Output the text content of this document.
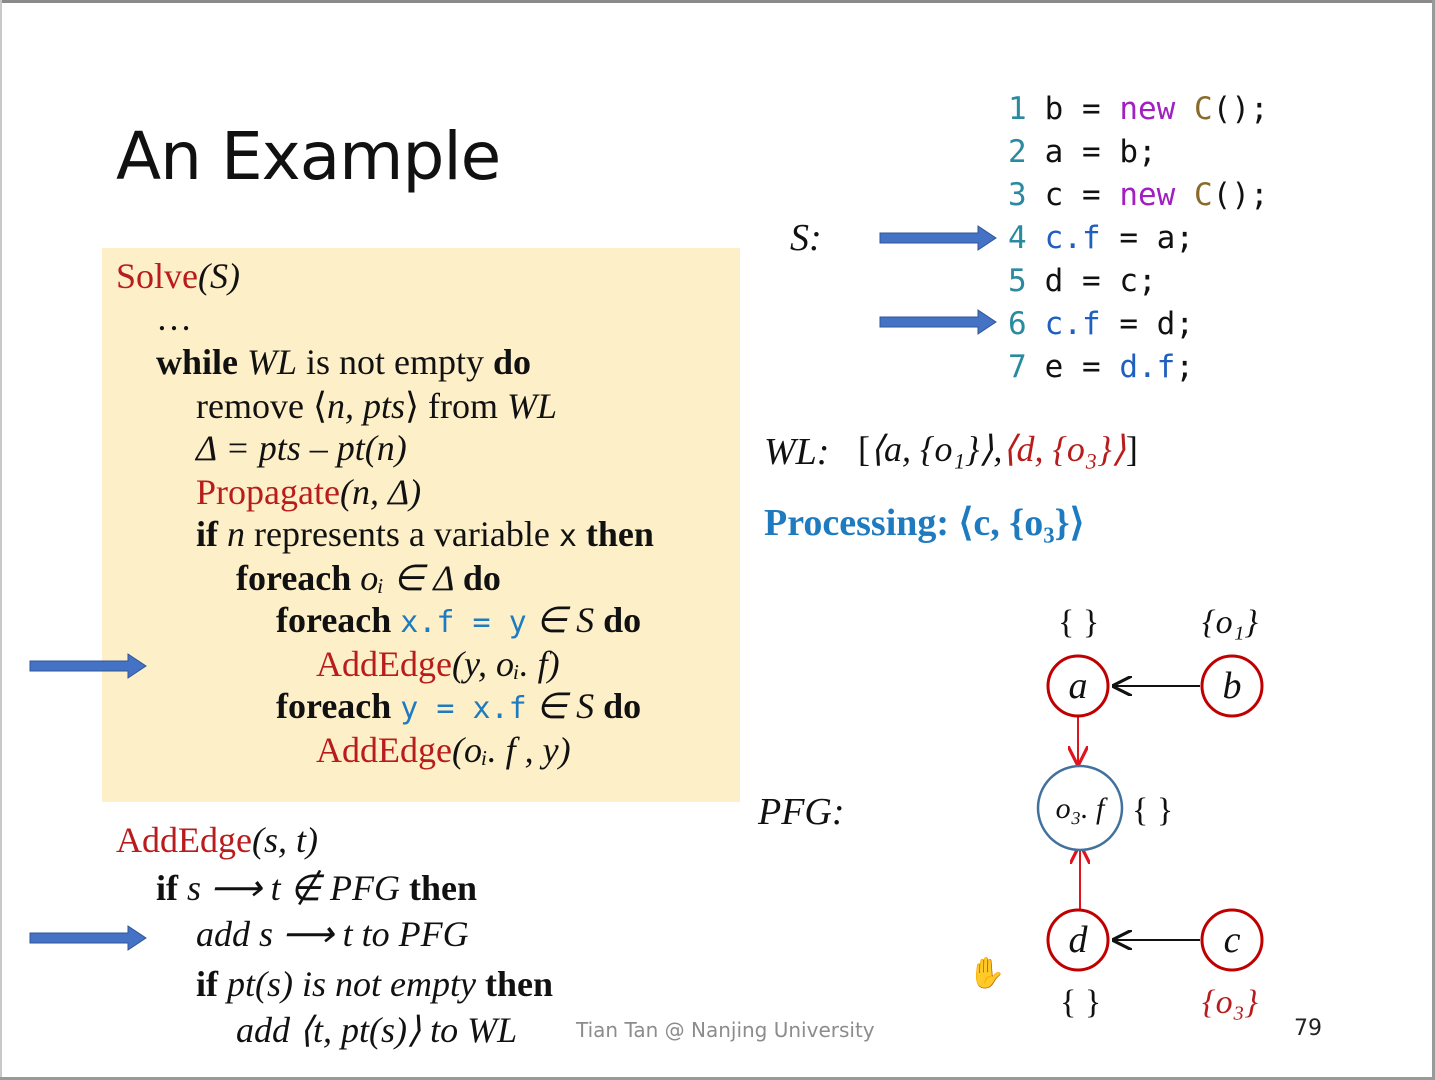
An Example
Solve(S)
…
while WL is not empty do
remove ⟨n, pts⟩ from WL
Δ = pts – pt(n)
Propagate(n, Δ)
if n represents a variable x then
foreach oᵢ ∈ Δ do
foreach x.f = y ∈ S do
AddEdge(y, oᵢ. f)
foreach y = x.f ∈ S do
AddEdge(oᵢ. f , y)
AddEdge(s, t)
if s ⟶ t ∉ PFG then
add s ⟶ t to PFG
if pt(s) is not empty then
add ⟨t, pt(s)⟩ to WL
S:
1 b = new C();
2 a = b;
3 c = new C();
4 c.f = a;
5 d = c;
6 c.f = d;
7 e = d.f;
WL: [⟨a, {o₁}⟩,⟨d, {o₃}⟩]
Processing: ⟨c, {o₃}⟩
PFG:
a	b
o₃. f
d	c
{ }	{o₁}
{ }
{ }	{o₃}
✋
Tian Tan @ Nanjing University	79
